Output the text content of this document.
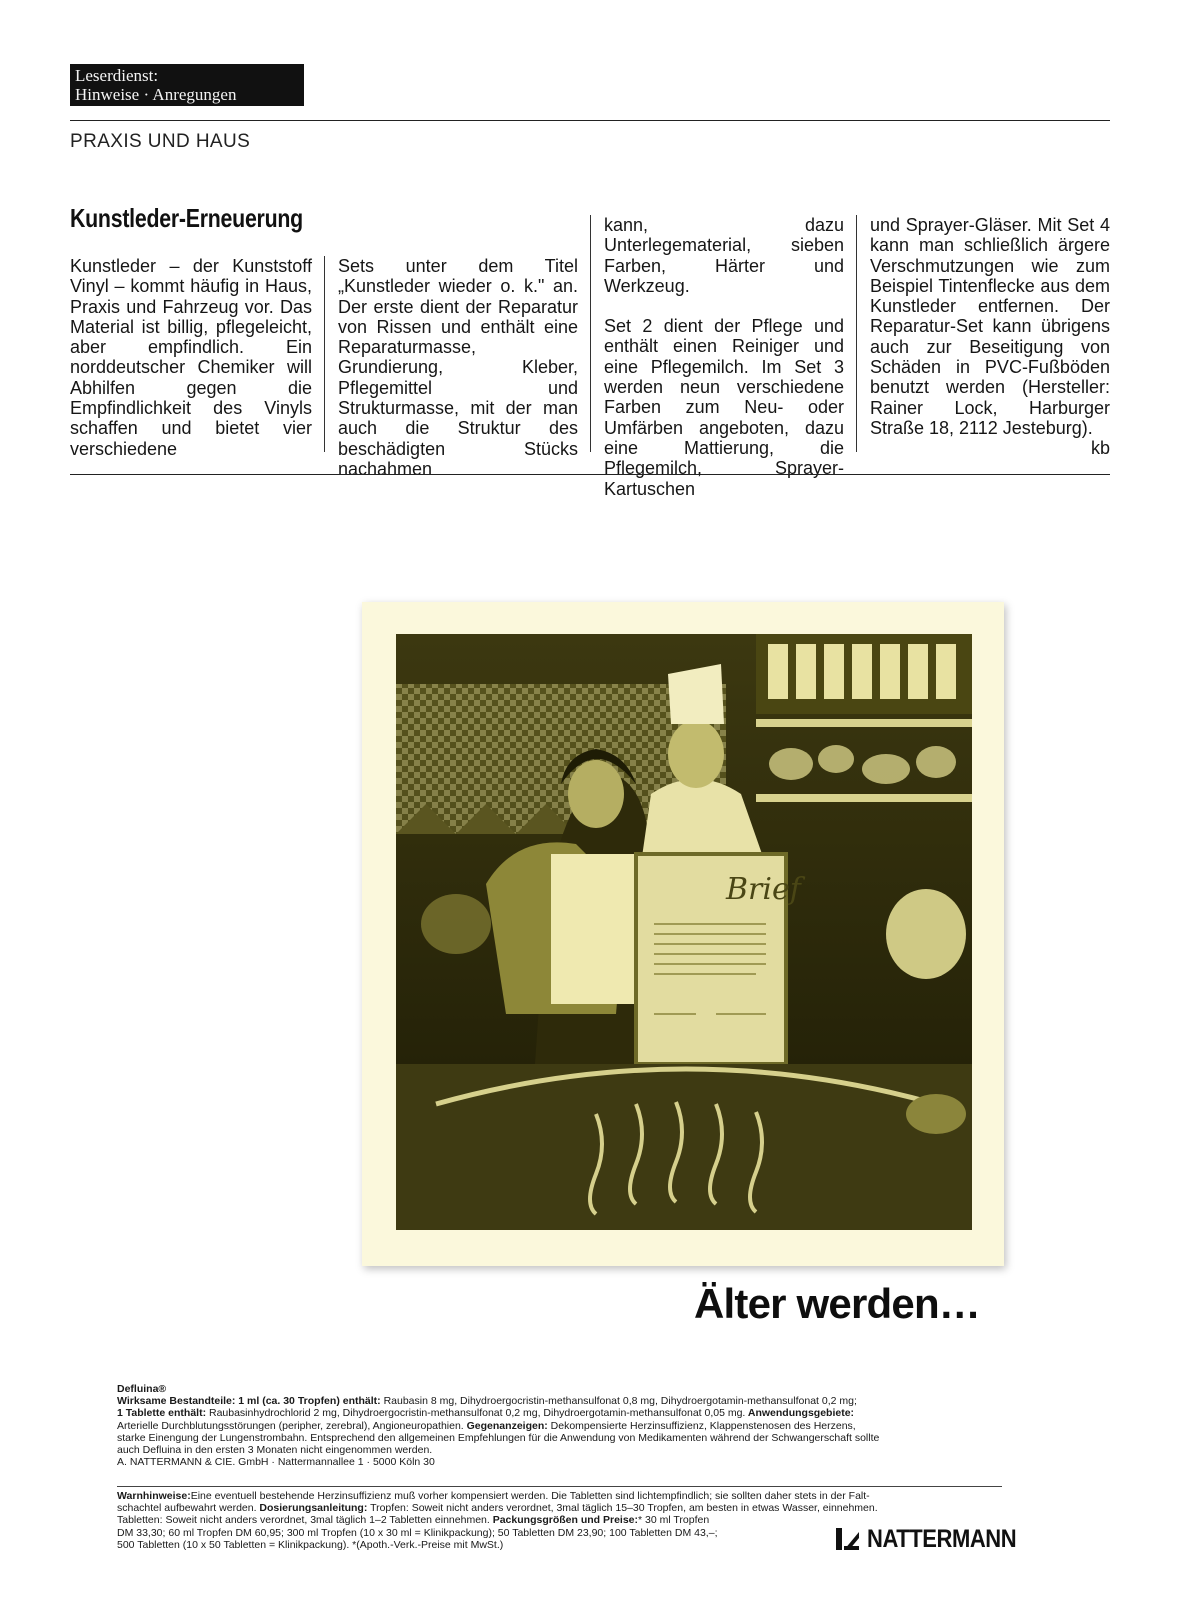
Leserdienst:
Hinweise · Anregungen
PRAXIS UND HAUS
Kunstleder-Erneuerung

Kunstleder – der Kunststoff Vinyl – kommt häufig in Haus, Praxis und Fahrzeug vor. Das Material ist billig, pflegeleicht, aber empfindlich. Ein norddeutscher Chemiker will Abhilfen gegen die Empfindlichkeit des Vinyls schaffen und bietet vier verschiedene

Sets unter dem Titel „Kunstleder wieder o. k." an. Der erste dient der Reparatur von Rissen und enthält eine Reparaturmasse, Grundierung, Kleber, Pflegemittel und Strukturmasse, mit der man auch die Struktur des beschädigten Stücks nachahmen

kann, dazu Unterlegematerial, sieben Farben, Härter und Werkzeug.

Set 2 dient der Pflege und enthält einen Reiniger und eine Pflegemilch. Im Set 3 werden neun verschiedene Farben zum Neu- oder Umfärben angeboten, dazu eine Mattierung, die Pflegemilch, Sprayer-Kartuschen

und Sprayer-Gläser. Mit Set 4 kann man schließlich ärgere Verschmutzungen wie zum Beispiel Tintenflecke aus dem Kunstleder entfernen. Der Reparatur-Set kann übrigens auch zur Beseitigung von Schäden in PVC-Fußböden benutzt werden (Hersteller: Rainer Lock, Harburger Straße 18, 2112 Jesteburg).
kb

Brief
Älter werden…
Defluina®
Wirksame Bestandteile: 1 ml (ca. 30 Tropfen) enthält: Raubasin 8 mg, Dihydroergocristin-methansulfonat 0,8 mg, Dihydroergotamin-methansulfonat 0,2 mg;
1 Tablette enthält: Raubasinhydrochlorid 2 mg, Dihydroergocristin-methansulfonat 0,2 mg, Dihydroergotamin-methansulfonat 0,05 mg. Anwendungsgebiete:
Arterielle Durchblutungsstörungen (peripher, zerebral), Angioneuropathien. Gegenanzeigen: Dekompensierte Herzinsuffizienz, Klappenstenosen des Herzens,
starke Einengung der Lungenstrombahn. Entsprechend den allgemeinen Empfehlungen für die Anwendung von Medikamenten während der Schwangerschaft sollte
auch Defluina in den ersten 3 Monaten nicht eingenommen werden.
A. NATTERMANN & CIE. GmbH · Nattermannallee 1 · 5000 Köln 30
Warnhinweise:Eine eventuell bestehende Herzinsuffizienz muß vorher kompensiert werden. Die Tabletten sind lichtempfindlich; sie sollten daher stets in der Falt-
schachtel aufbewahrt werden. Dosierungsanleitung: Tropfen: Soweit nicht anders verordnet, 3mal täglich 15–30 Tropfen, am besten in etwas Wasser, einnehmen.
Tabletten: Soweit nicht anders verordnet, 3mal täglich 1–2 Tabletten einnehmen. Packungsgrößen und Preise:* 30 ml Tropfen
DM 33,30; 60 ml Tropfen DM 60,95; 300 ml Tropfen (10 x 30 ml = Klinikpackung); 50 Tabletten DM 23,90; 100 Tabletten DM 43,–;
500 Tabletten (10 x 50 Tabletten = Klinikpackung). *(Apoth.-Verk.-Preise mit MwSt.)	NATTERMANN
